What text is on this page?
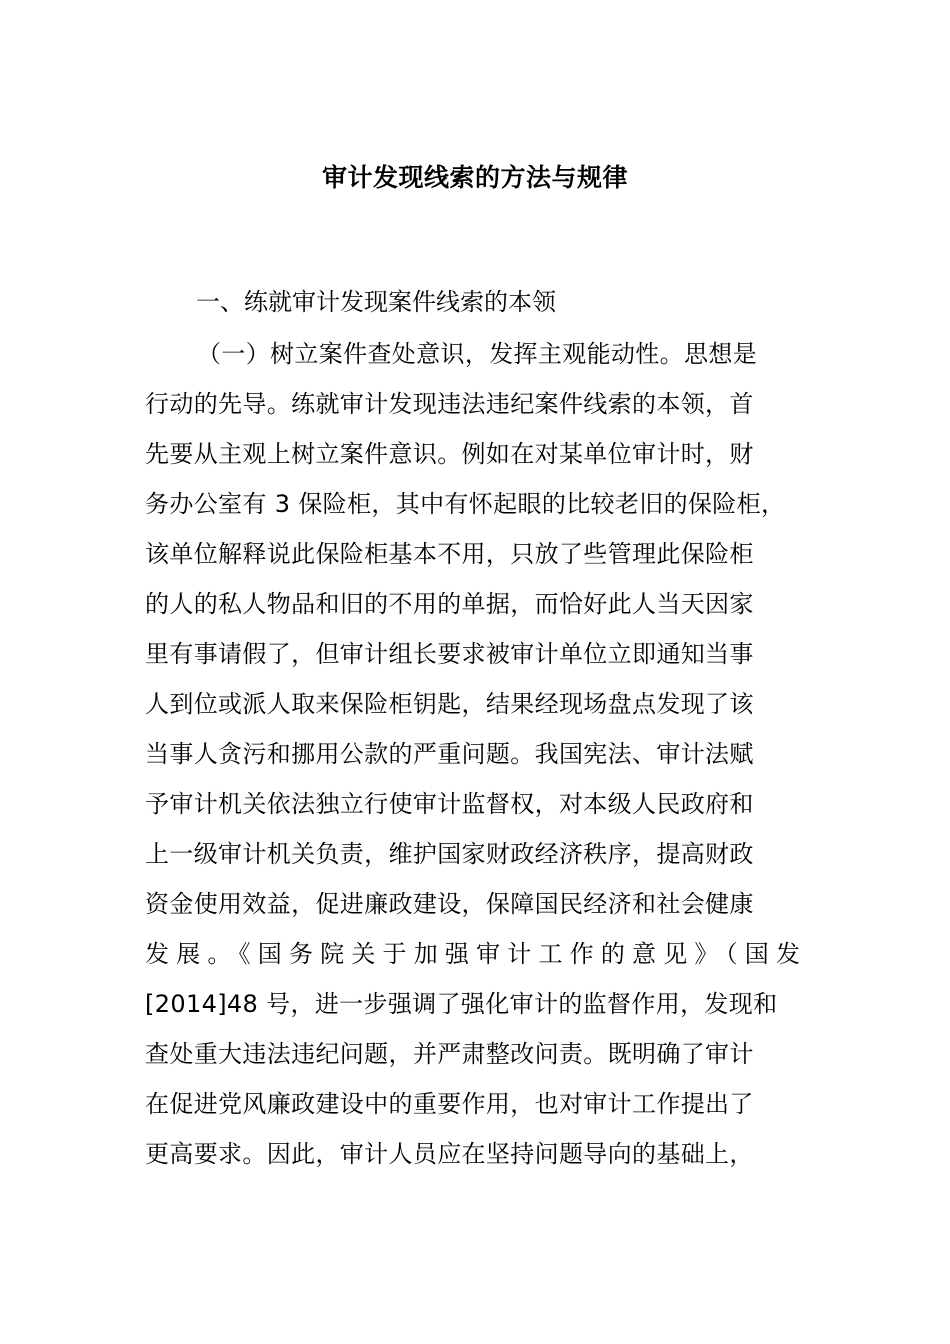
审计发现线索的方法与规律
一、练就审计发现案件线索的本领
（一）树立案件查处意识，发挥主观能动性。思想是
行动的先导。练就审计发现违法违纪案件线索的本领，首
先要从主观上树立案件意识。例如在对某单位审计时，财
务办公室有 3 保险柜，其中有怀起眼的比较老旧的保险柜，
该单位解释说此保险柜基本不用，只放了些管理此保险柜
的人的私人物品和旧的不用的单据，而恰好此人当天因家
里有事请假了，但审计组长要求被审计单位立即通知当事
人到位或派人取来保险柜钥匙，结果经现场盘点发现了该
当事人贪污和挪用公款的严重问题。我国宪法、审计法赋
予审计机关依法独立行使审计监督权，对本级人民政府和
上一级审计机关负责，维护国家财政经济秩序，提高财政
资金使用效益，促进廉政建设，保障国民经济和社会健康
发展。《国务院关于加强审计工作的意见》（国发
[2014]48 号，进一步强调了强化审计的监督作用，发现和
查处重大违法违纪问题，并严肃整改问责。既明确了审计
在促进党风廉政建设中的重要作用，也对审计工作提出了
更高要求。因此，审计人员应在坚持问题导向的基础上，
